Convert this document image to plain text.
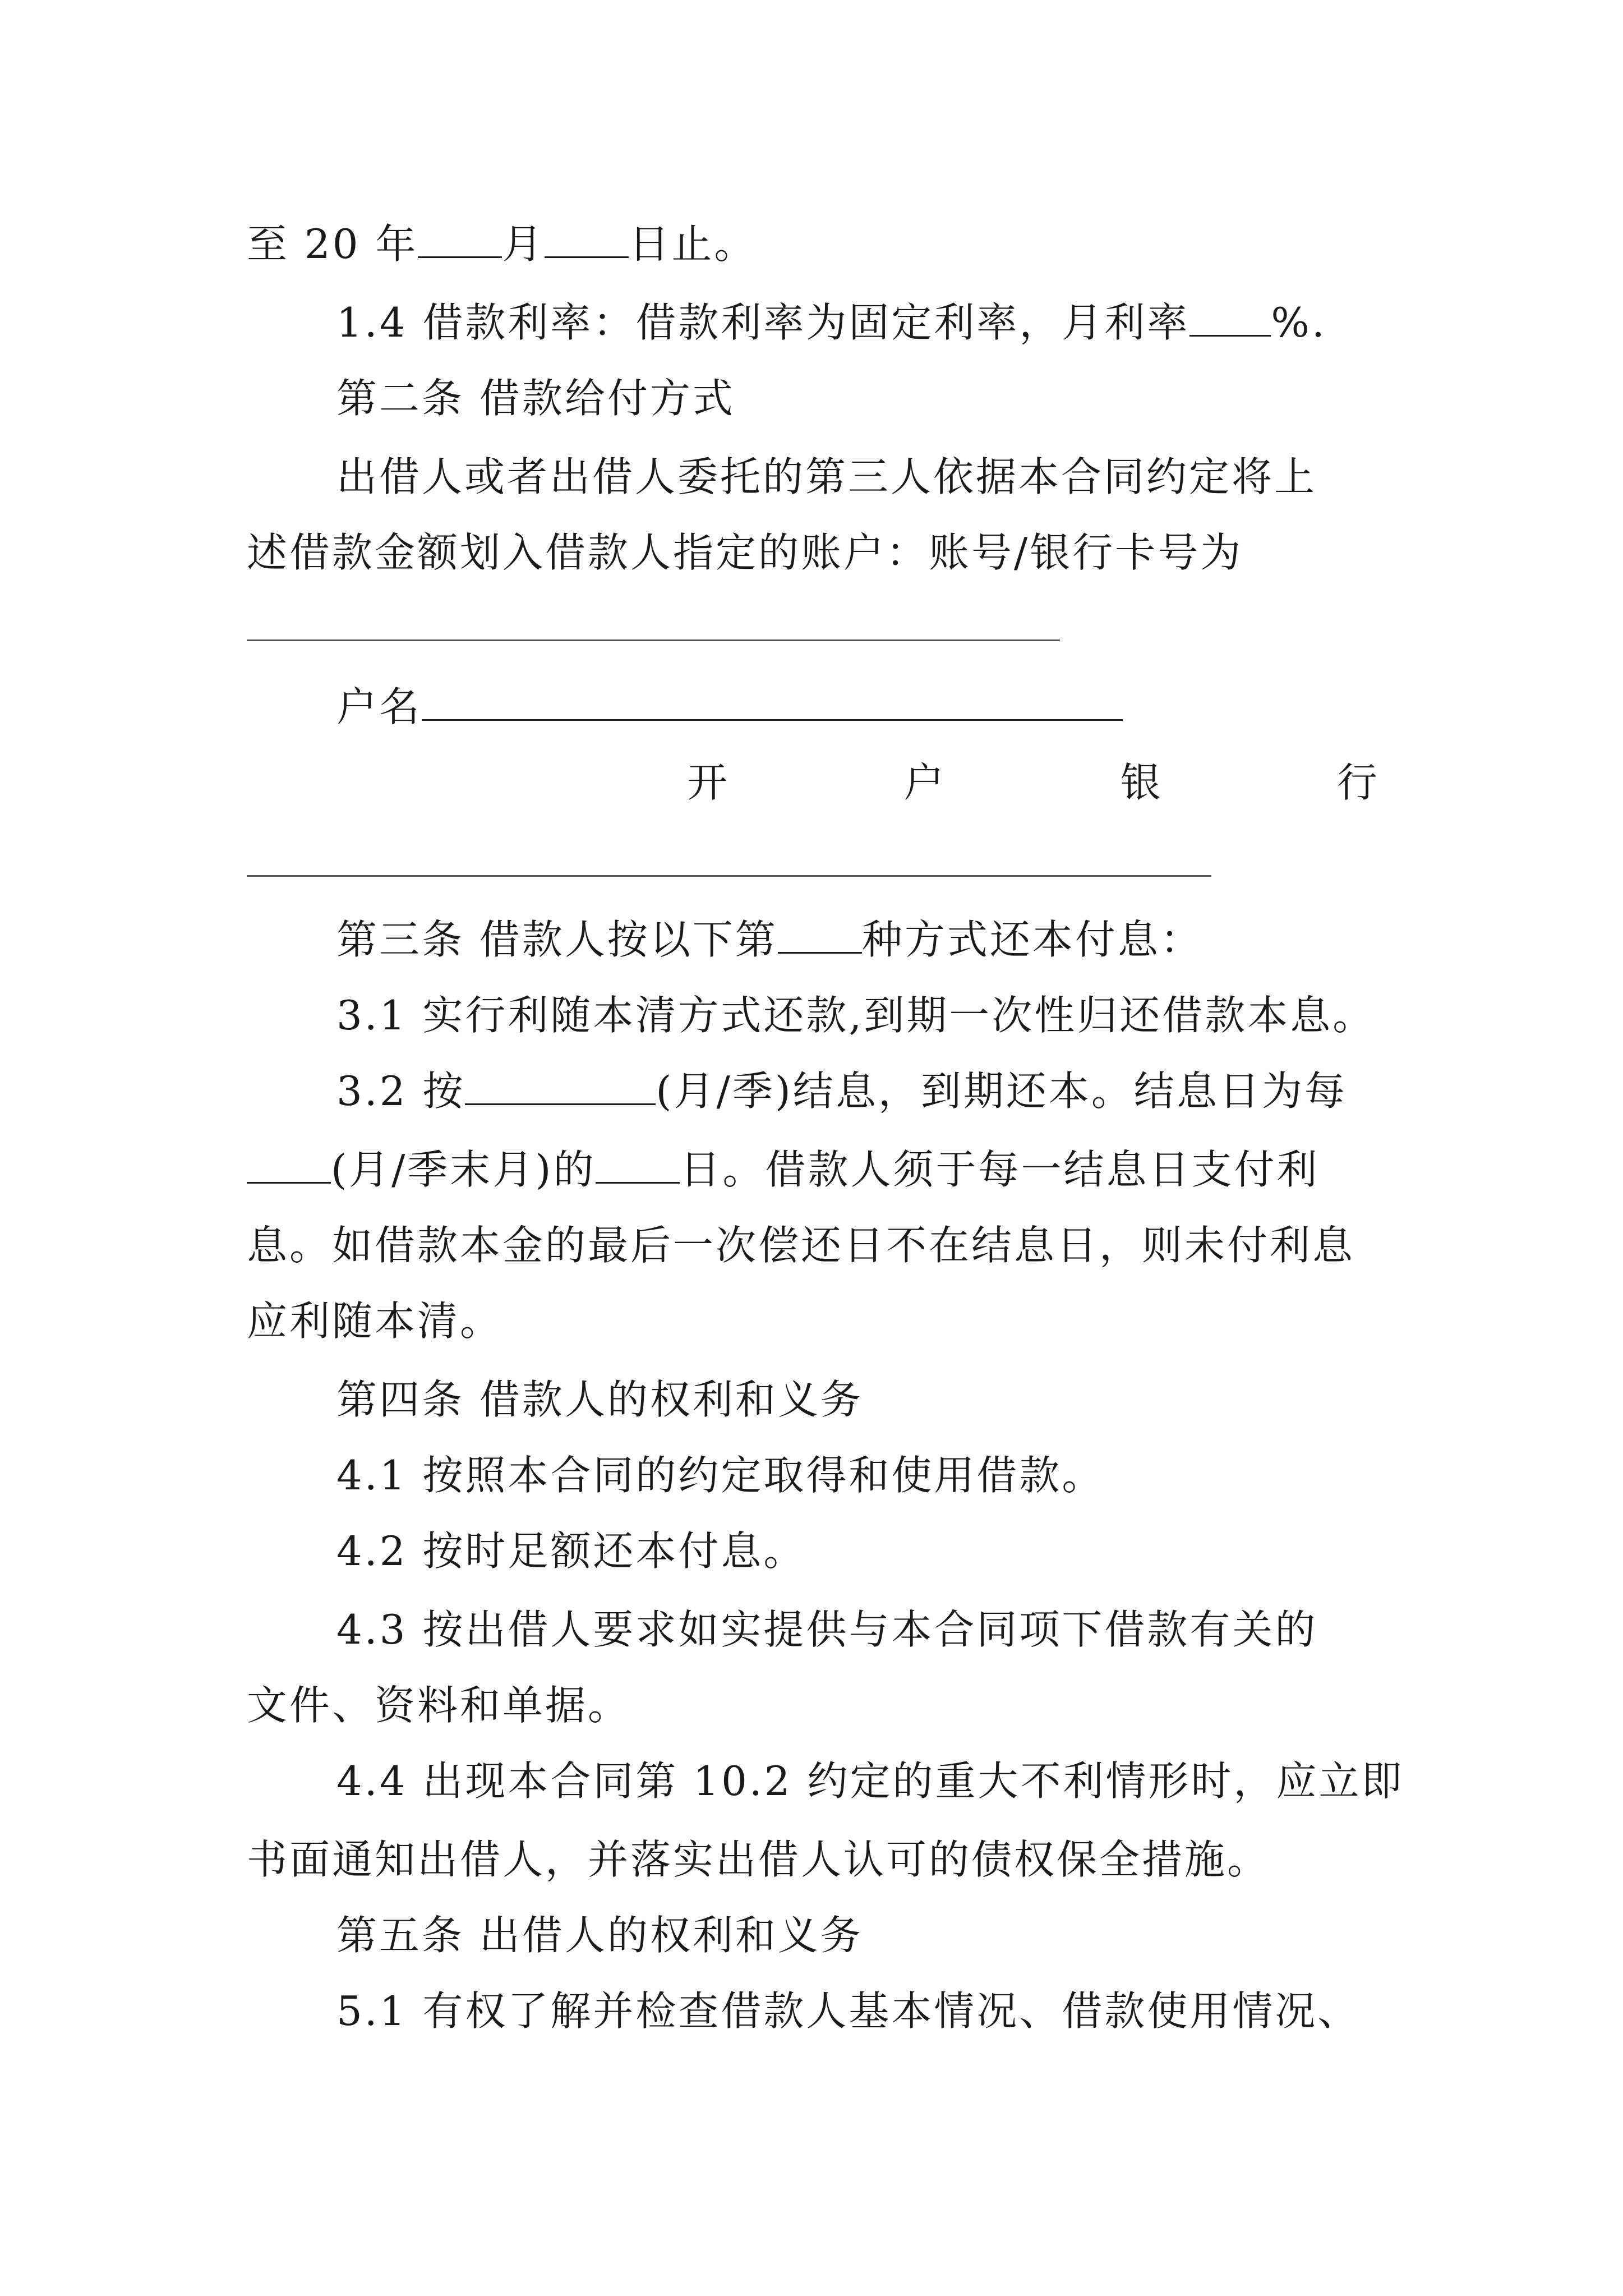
至 20 年 月 日止。
1.4 借款利率：借款利率为固定利率，月利率 %.
第二条 借款给付方式
出借人或者出借人委托的第三人依据本合同约定将上
述借款金额划入借款人指定的账户：账号/银行卡号为
户名
开	户	银	行
第三条 借款人按以下第 种方式还本付息：
3.1 实行利随本清方式还款,到期一次性归还借款本息。
3.2 按	(月/季)结息，到期还本。结息日为每
(月/季末月)的 日。借款人须于每一结息日支付利
息。如借款本金的最后一次偿还日不在结息日，则未付利息
应利随本清。
第四条 借款人的权利和义务
4.1 按照本合同的约定取得和使用借款。
4.2 按时足额还本付息。
4.3 按出借人要求如实提供与本合同项下借款有关的
文件、资料和单据。
4.4 出现本合同第 10.2 约定的重大不利情形时，应立即
书面通知出借人，并落实出借人认可的债权保全措施。
第五条 出借人的权利和义务
5.1 有权了解并检查借款人基本情况、借款使用情况、
